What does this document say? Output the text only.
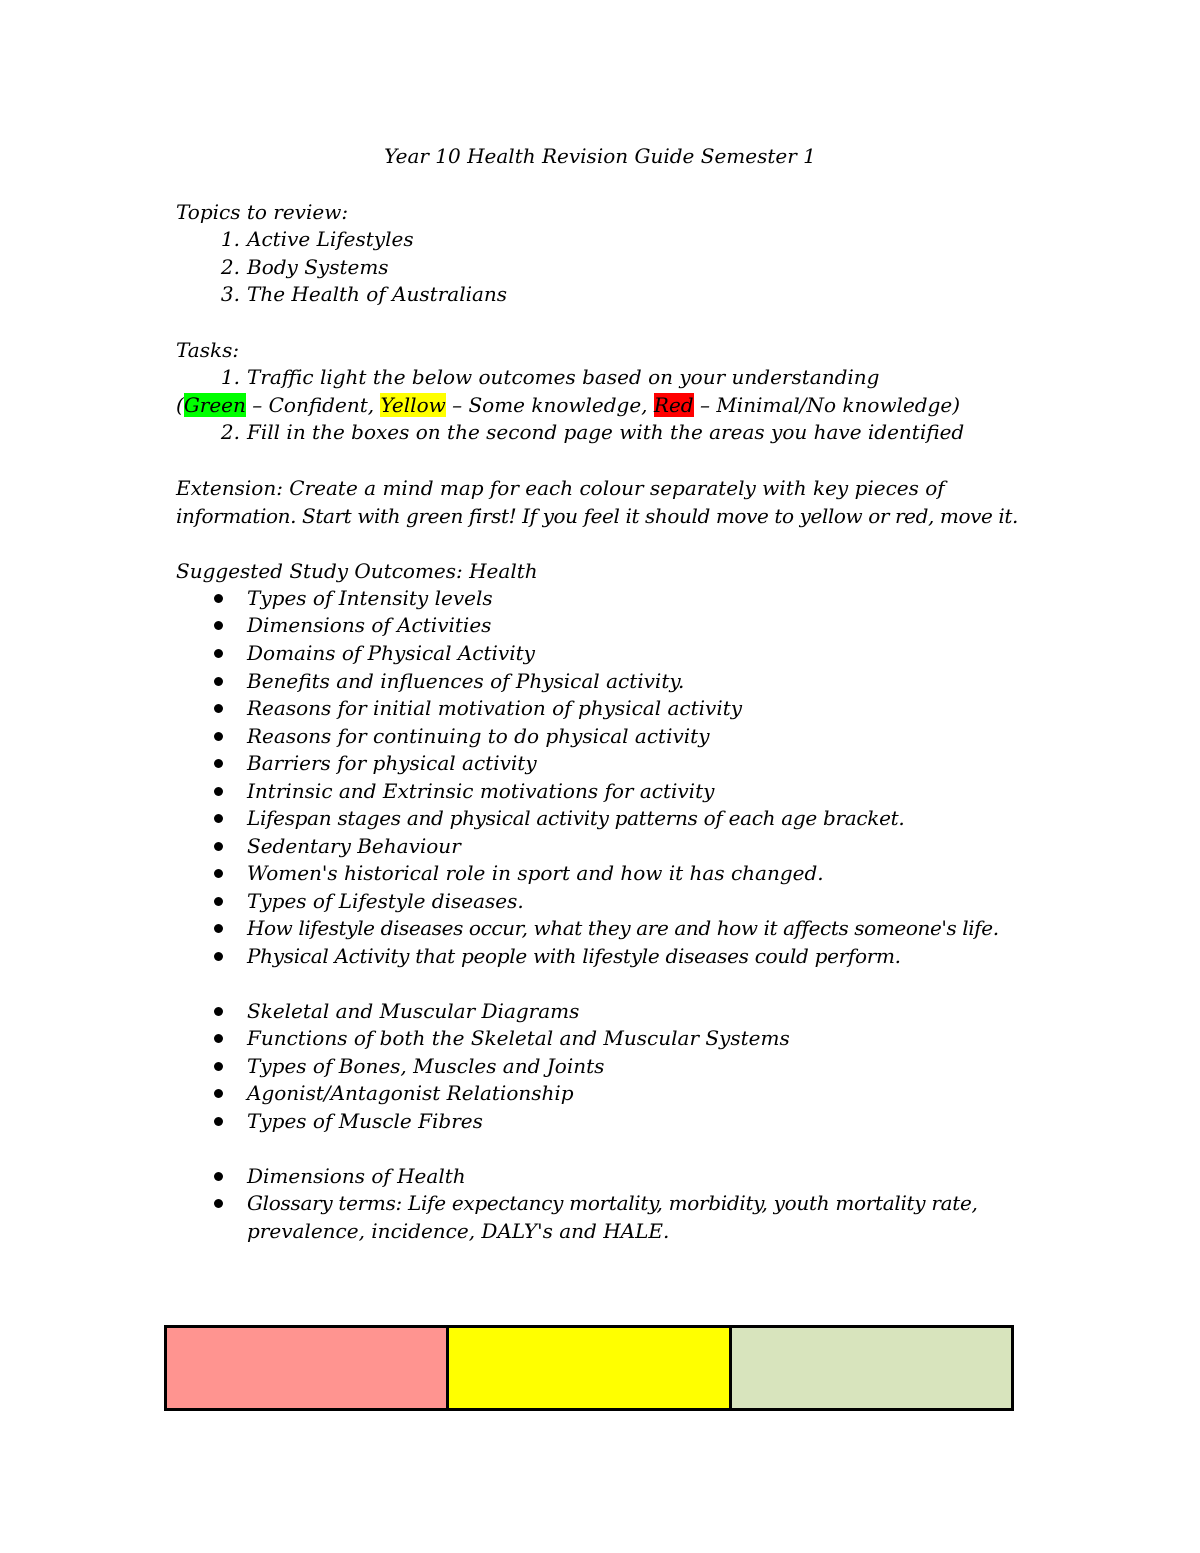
Year 10 Health Revision Guide Semester 1
Topics to review:
1. Active Lifestyles
2. Body Systems
3. The Health of Australians
Tasks:
1. Traffic light the below outcomes based on your understanding
(Green – Confident, Yellow – Some knowledge, Red – Minimal/No knowledge)
2. Fill in the boxes on the second page with the areas you have identified
Extension: Create a mind map for each colour separately with key pieces of
information. Start with green first! If you feel it should move to yellow or red, move it.
Suggested Study Outcomes: Health
Types of Intensity levels
Dimensions of Activities
Domains of Physical Activity
Benefits and influences of Physical activity.
Reasons for initial motivation of physical activity
Reasons for continuing to do physical activity
Barriers for physical activity
Intrinsic and Extrinsic motivations for activity
Lifespan stages and physical activity patterns of each age bracket.
Sedentary Behaviour
Women's historical role in sport and how it has changed.
Types of Lifestyle diseases.
How lifestyle diseases occur, what they are and how it affects someone's life.
Physical Activity that people with lifestyle diseases could perform.
Skeletal and Muscular Diagrams
Functions of both the Skeletal and Muscular Systems
Types of Bones, Muscles and Joints
Agonist/Antagonist Relationship
Types of Muscle Fibres
Dimensions of Health
Glossary terms: Life expectancy mortality, morbidity, youth mortality rate,
prevalence, incidence, DALY's and HALE.
